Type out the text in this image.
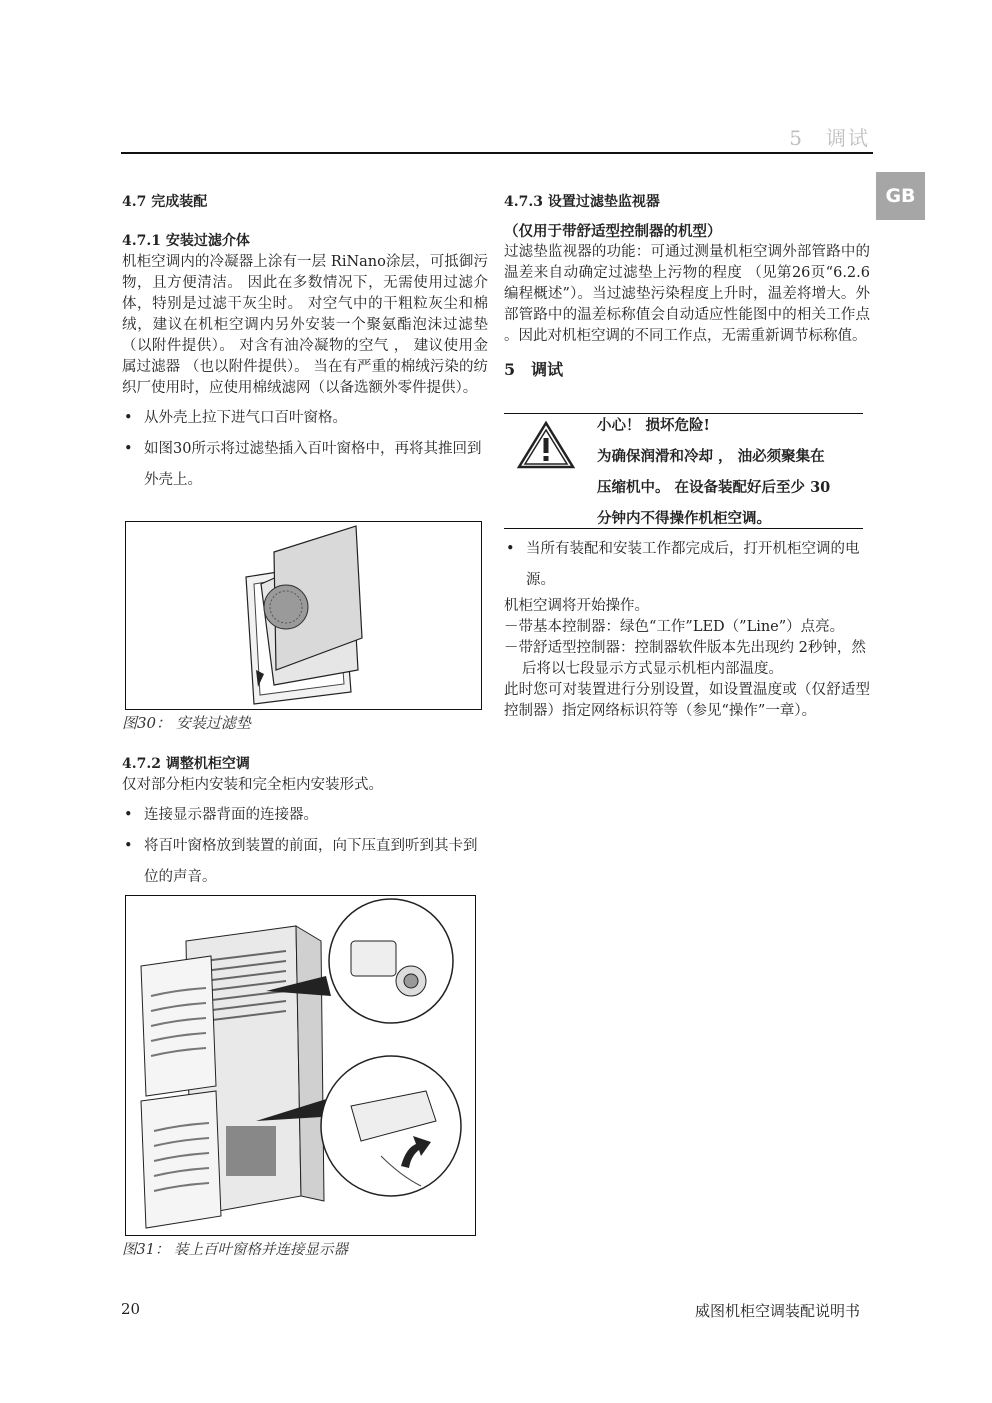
5　调试
GB
4.7 完成装配
4.7.1 安装过滤介体
机柜空调内的冷凝器上涂有一层 RiNano涂层，可抵御污物，且方便清洁。 因此在多数情况下，无需使用过滤介体，特别是过滤干灰尘时。 对空气中的干粗粒灰尘和棉绒，建议在机柜空调内另外安装一个聚氨酯泡沫过滤垫（以附件提供）。 对含有油冷凝物的空气 ， 建议使用金属过滤器 （也以附件提供）。 当在有严重的棉绒污染的纺织厂使用时，应使用棉绒滤网（以备选额外零件提供）。
• 从外壳上拉下进气口百叶窗格。
• 如图30所示将过滤垫插入百叶窗格中，再将其推回到外壳上。
图30： 安装过滤垫
4.7.2 调整机柜空调
仅对部分柜内安装和完全柜内安装形式。
• 连接显示器背面的连接器。
• 将百叶窗格放到装置的前面，向下压直到听到其卡到位的声音。
图31： 装上百叶窗格并连接显示器
4.7.3 设置过滤垫监视器
（仅用于带舒适型控制器的机型）
过滤垫监视器的功能：可通过测量机柜空调外部管路中的温差来自动确定过滤垫上污物的程度 （见第26页“6.2.6 编程概述”）。当过滤垫污染程度上升时，温差将增大。外部管路中的温差标称值会自动适应性能图中的相关工作点 。因此对机柜空调的不同工作点，无需重新调节标称值。
5　调试
小心！ 损坏危险!
为确保润滑和冷却 ， 油必须聚集在
压缩机中。 在设备装配好后至少 30
分钟内不得操作机柜空调。
• 当所有装配和安装工作都完成后，打开机柜空调的电源。
机柜空调将开始操作。
－带基本控制器：绿色“工作”LED（”Line”）点亮。
－带舒适型控制器：控制器软件版本先出现约 2秒钟，然后将以七段显示方式显示机柜内部温度。
此时您可对装置进行分别设置，如设置温度或（仅舒适型控制器）指定网络标识符等（参见“操作”一章）。
20	威图机柜空调装配说明书
